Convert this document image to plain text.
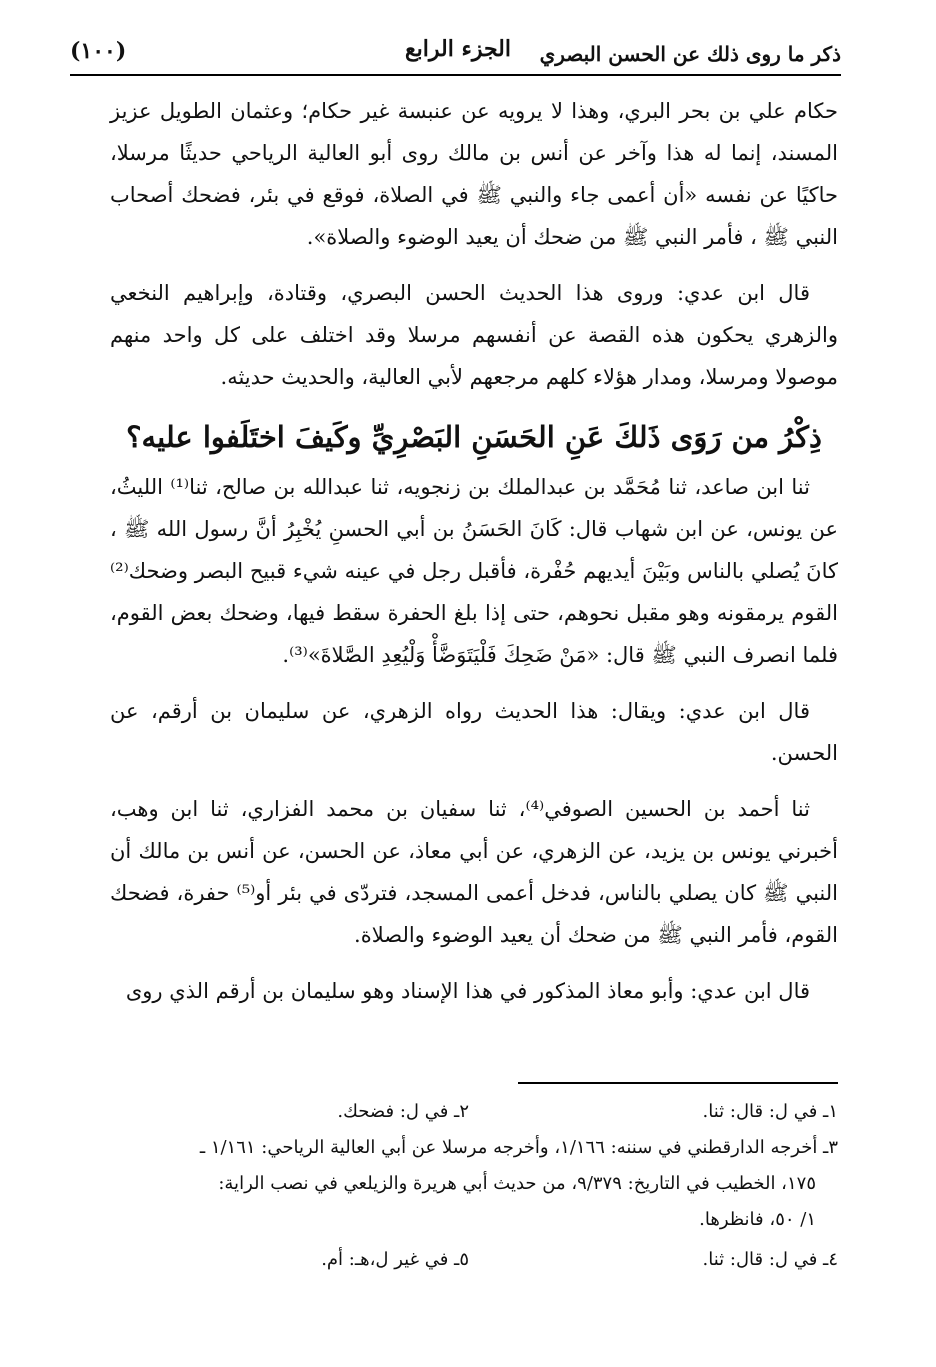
ذكر ما روى ذلك عن الحسن البصري
الجزء الرابع
(١٠٠)

حكام علي بن بحر البري، وهذا لا يرويه عن عنبسة غير حكام؛ وعثمان الطويل عزيز المسند، إنما له هذا وآخر عن أنس بن مالك روى أبو العالية الرياحي حديثًا مرسلا، حاكيًا عن نفسه «أن أعمى جاء والنبي ﷺ في الصلاة، فوقع في بئر، فضحك أصحاب النبي ﷺ ، فأمر النبي ﷺ من ضحك أن يعيد الوضوء والصلاة».

قال ابن عدي: وروى هذا الحديث الحسن البصري، وقتادة، وإبراهيم النخعي والزهري يحكون هذه القصة عن أنفسهم مرسلا وقد اختلف على كل واحد منهم موصولا ومرسلا، ومدار هؤلاء كلهم مرجعهم لأبي العالية، والحديث حديثه.

ذِكْرُ من رَوَى ذَلكَ عَنِ الحَسَنِ البَصْرِيِّ وكَيفَ اختَلَفوا عليه؟

ثنا ابن صاعد، ثنا مُحَمَّد بن عبدالملك بن زنجويه، ثنا عبدالله بن صالح، ثنا⁽¹⁾ الليثُ، عن يونس، عن ابن شهاب قال: كَانَ الحَسَنُ بن أبي الحسنِ يُخْبِرُ أنَّ رسول الله ﷺ ، كانَ يُصلي بالناس وبَيْنَ أيديهم حُفْرة، فأقبل رجل في عينه شيء قبيح البصر وضحك⁽²⁾ القوم يرمقونه وهو مقبل نحوهم، حتى إذا بلغ الحفرة سقط فيها، وضحك بعض القوم، فلما انصرف النبي ﷺ قال: «مَنْ ضَحِكَ فَلْيَتَوَضَّأْ وَلْيُعِدِ الصَّلاةَ»⁽³⁾.

قال ابن عدي: ويقال: هذا الحديث رواه الزهري، عن سليمان بن أرقم، عن الحسن.

ثنا أحمد بن الحسين الصوفي⁽⁴⁾، ثنا سفيان بن محمد الفزاري، ثنا ابن وهب، أخبرني يونس بن يزيد، عن الزهري، عن أبي معاذ، عن الحسن، عن أنس بن مالك أن النبي ﷺ كان يصلي بالناس، فدخل أعمى المسجد، فتردّى في بئر أو⁽⁵⁾ حفرة، فضحك القوم، فأمر النبي ﷺ من ضحك أن يعيد الوضوء والصلاة.

قال ابن عدي: وأبو معاذ المذكور في هذا الإسناد وهو سليمان بن أرقم الذي روى

١ـ في ل: قال: ثنا.
٢ـ في ل: فضحك.
٣ـ أخرجه الدارقطني في سننه: ١/١٦٦، وأخرجه مرسلا عن أبي العالية الرياحي: ١/١٦١ ـ
١٧٥، الخطيب في التاريخ: ٩/٣٧٩، من حديث أبي هريرة والزيلعي في نصب الراية:
١/ ٥٠، فانظرها.
٤ـ في ل: قال: ثنا.
٥ـ في غير ل،هـ: أم.
